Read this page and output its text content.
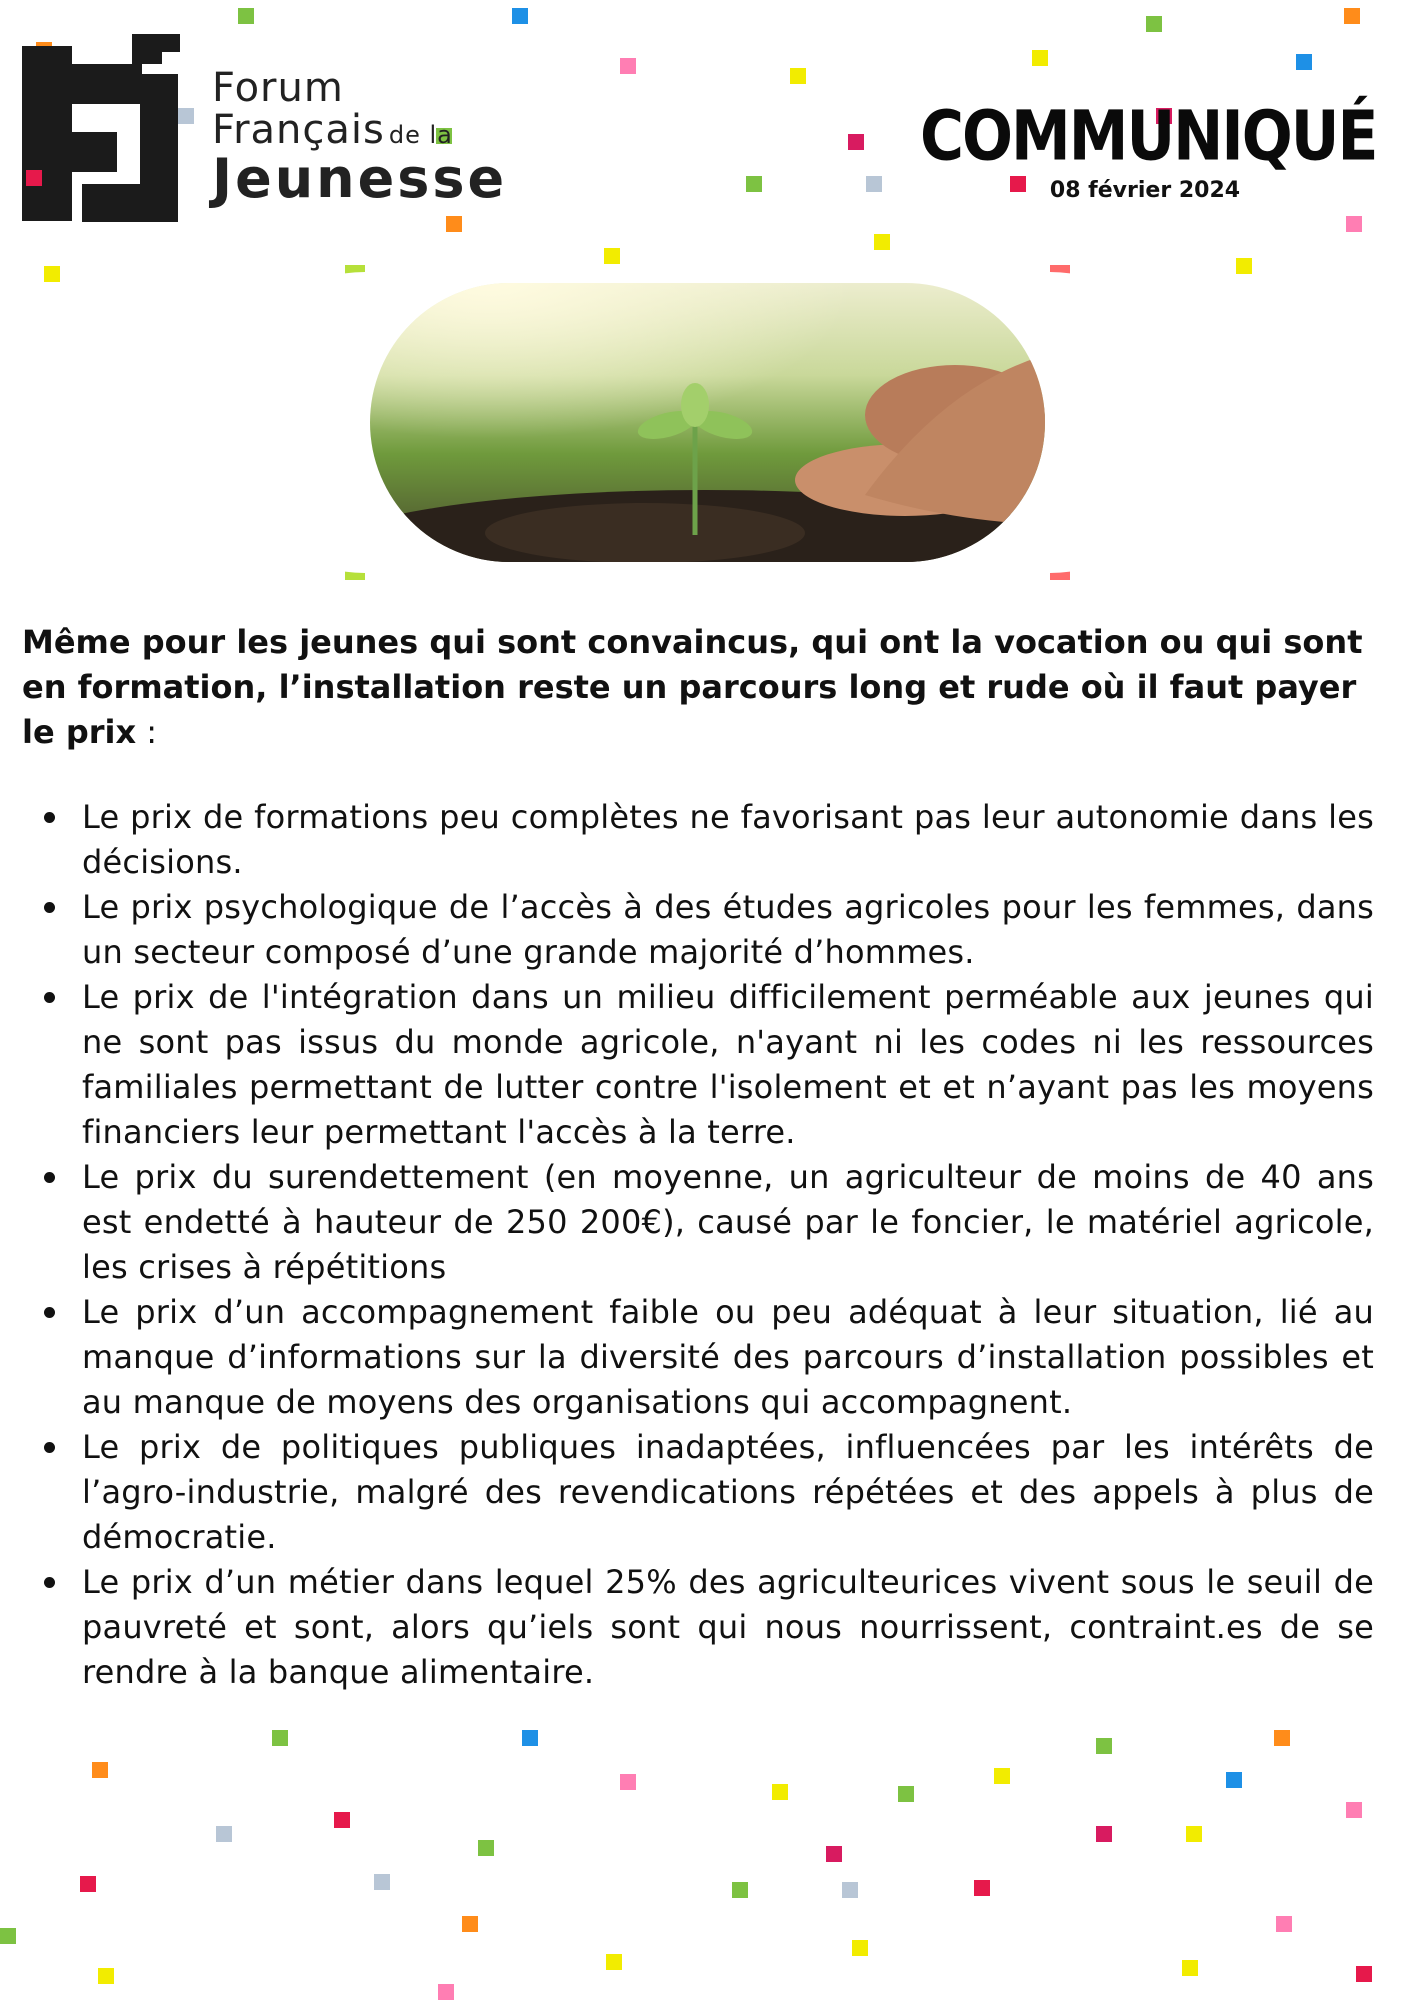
Forum
Français de la
Jeunesse
COMMUNIQUÉ
08 février 2024

Même pour les jeunes qui sont convaincus, qui ont la vocation ou qui sont en formation, l’installation reste un parcours long et rude où il faut payer le prix :

Le prix de formations peu complètes ne favorisant pas leur autonomie dans les décisions.
Le prix psychologique de l’accès à des études agricoles pour les femmes, dans un secteur composé d’une grande majorité d’hommes.
Le prix de l'intégration dans un milieu difficilement perméable aux jeunes qui ne sont pas issus du monde agricole, n'ayant ni les codes ni les ressources familiales permettant de lutter contre l'isolement et et n’ayant pas les moyens financiers leur permettant l'accès à la terre.
Le prix du surendettement (en moyenne, un agriculteur de moins de 40 ans est endetté à hauteur de 250 200€), causé par le foncier, le matériel agricole, les crises à répétitions
Le prix d’un accompagnement faible ou peu adéquat à leur situation, lié au manque d’informations sur la diversité des parcours d’installation possibles et au manque de moyens des organisations qui accompagnent.
Le prix de politiques publiques inadaptées, influencées par les intérêts de l’agro-industrie, malgré des revendications répétées et des appels à plus de démocratie.
Le prix d’un métier dans lequel 25% des agriculteurices vivent sous le seuil de pauvreté et sont, alors qu’iels sont qui nous nourrissent, contraint.es de se rendre à la banque alimentaire.
